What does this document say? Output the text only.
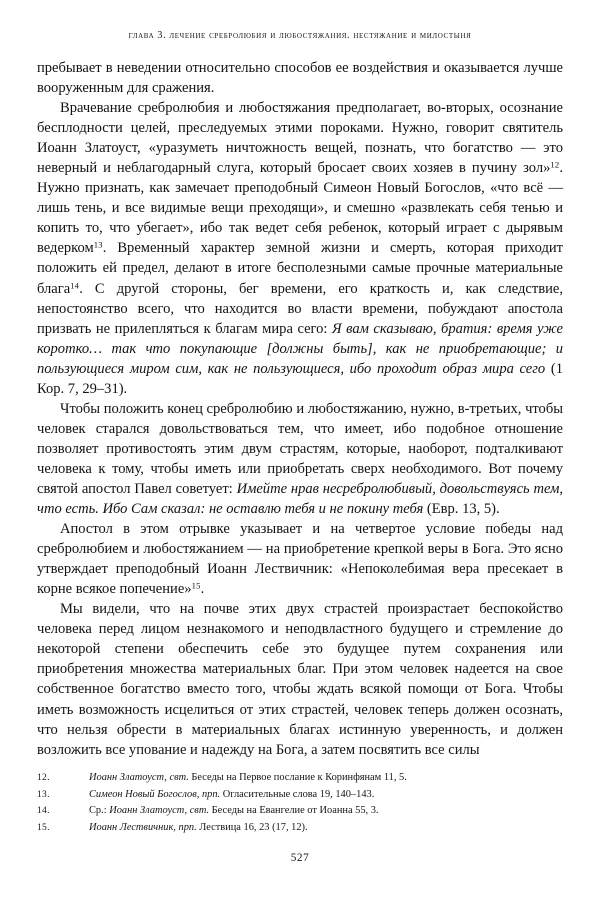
глава 3. лечение сребролюбия и любостяжания. нестяжание и милостыня

пребывает в неведении относительно способов ее воздействия и оказывается лучше вооруженным для сражения.

Врачевание сребролюбия и любостяжания предполагает, во-вторых, осознание бесплодности целей, преследуемых этими пороками. Нужно, говорит святитель Иоанн Златоуст, «уразуметь ничтожность вещей, познать, что богатство — это неверный и неблагодарный слуга, который бросает своих хозяев в пучину зол»$^{12}$. Нужно признать, как замечает преподобный Симеон Новый Богослов, «что всё — лишь тень, и все видимые вещи преходящи», и смешно «развлекать себя тенью и копить то, что убегает», ибо так ведет себя ребенок, который играет с дырявым ведерком$^{13}$. Временный характер земной жизни и смерть, которая приходит положить ей предел, делают в итоге бесполезными самые прочные материальные блага$^{14}$. С другой стороны, бег времени, его краткость и, как следствие, непостоянство всего, что находится во власти времени, побуждают апостола призвать не прилепляться к благам мира сего: Я вам сказываю, братия: время уже коротко… так что покупающие [должны быть], как не приобретающие; и пользующиеся миром сим, как не пользующиеся, ибо проходит образ мира сего (1 Кор. 7, 29–31).

Чтобы положить конец сребролюбию и любостяжанию, нужно, в-третьих, чтобы человек старался довольствоваться тем, что имеет, ибо подобное отношение позволяет противостоять этим двум страстям, которые, наоборот, подталкивают человека к тому, чтобы иметь или приобретать сверх необходимого. Вот почему святой апостол Павел советует: Имейте нрав несребролюбивый, довольствуясь тем, что есть. Ибо Сам сказал: не оставлю тебя и не покину тебя (Евр. 13, 5).

Апостол в этом отрывке указывает и на четвертое условие победы над сребролюбием и любостяжанием — на приобретение крепкой веры в Бога. Это ясно утверждает преподобный Иоанн Лествичник: «Непоколебимая вера пресекает в корне всякое попечение»$^{15}$.

Мы видели, что на почве этих двух страстей произрастает беспокойство человека перед лицом незнакомого и неподвластного будущего и стремление до некоторой степени обеспечить себе это будущее путем сохранения или приобретения множества материальных благ. При этом человек надеется на свое собственное богатство вместо того, чтобы ждать всякой помощи от Бога. Чтобы иметь возможность исцелиться от этих страстей, человек теперь должен осознать, что нельзя обрести в материальных благах истинную уверенность, и должен возложить все упование и надежду на Бога, а затем посвятить все силы

12.	Иоанн Златоуст, свт. Беседы на Первое послание к Коринфянам 11, 5.
13.	Симеон Новый Богослов, прп. Огласительные слова 19, 140–143.
14.	Ср.: Иоанн Златоуст, свт. Беседы на Евангелие от Иоанна 55, 3.
15.	Иоанн Лествичник, прп. Лествица 16, 23 (17, 12).
527
